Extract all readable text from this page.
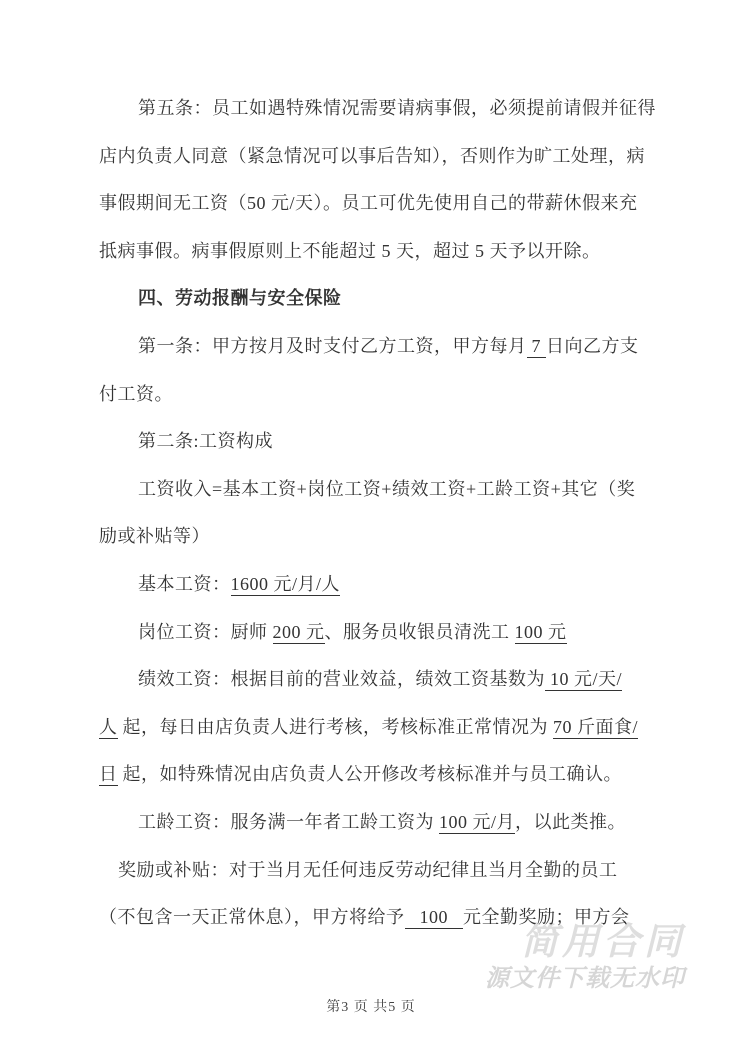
第五条：员工如遇特殊情况需要请病事假，必须提前请假并征得
店内负责人同意（紧急情况可以事后告知），否则作为旷工处理，病
事假期间无工资（50 元/天）。员工可优先使用自己的带薪休假来充
抵病事假。病事假原则上不能超过 5 天，超过 5 天予以开除。
四、劳动报酬与安全保险
第一条：甲方按月及时支付乙方工资，甲方每月 7 日向乙方支
付工资。
第二条:工资构成
工资收入=基本工资+岗位工资+绩效工资+工龄工资+其它（奖
励或补贴等）
基本工资：1600 元/月/人
岗位工资：厨师 200 元、服务员收银员清洗工 100 元
绩效工资：根据目前的营业效益，绩效工资基数为 10 元/天/
人 起，每日由店负责人进行考核，考核标准正常情况为 70 斤面食/
日 起，如特殊情况由店负责人公开修改考核标准并与员工确认。
工龄工资：服务满一年者工龄工资为 100 元/月，以此类推。
奖励或补贴：对于当月无任何违反劳动纪律且当月全勤的员工
（不包含一天正常休息），甲方将给予   100   元全勤奖励；甲方会
简用合同
源文件下载无水印
第3 页 共5 页
